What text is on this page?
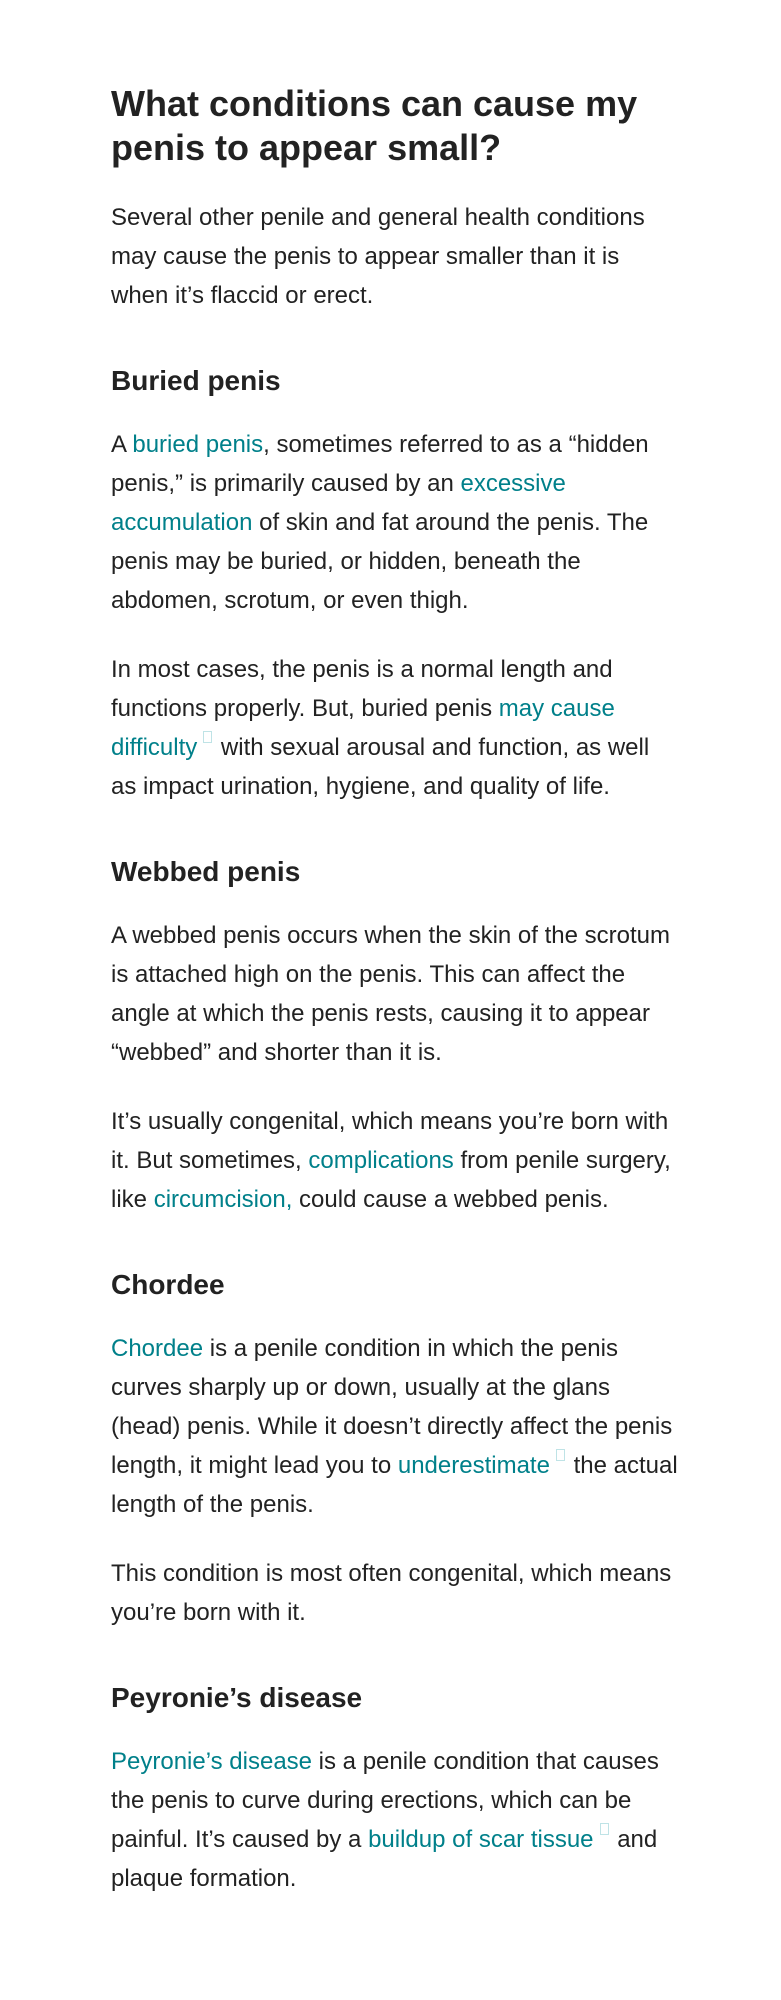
What conditions can cause my penis to appear small?

Several other penile and general health conditions may cause the penis to appear smaller than it is when it’s flaccid or erect.

Buried penis

A buried penis, sometimes referred to as a “hidden penis,” is primarily caused by an excessive accumulation of skin and fat around the penis. The penis may be buried, or hidden, beneath the abdomen, scrotum, or even thigh.

In most cases, the penis is a normal length and functions properly. But, buried penis may cause difficulty with sexual arousal and function, as well as impact urination, hygiene, and quality of life.

Webbed penis

A webbed penis occurs when the skin of the scrotum is attached high on the penis. This can affect the angle at which the penis rests, causing it to appear “webbed” and shorter than it is.

It’s usually congenital, which means you’re born with it. But sometimes, complications from penile surgery, like circumcision, could cause a webbed penis.

Chordee

Chordee is a penile condition in which the penis curves sharply up or down, usually at the glans (head) penis. While it doesn’t directly affect the penis length, it might lead you to underestimate the actual length of the penis.

This condition is most often congenital, which means you’re born with it.

Peyronie’s disease

Peyronie’s disease is a penile condition that causes the penis to curve during erections, which can be painful. It’s caused by a buildup of scar tissue and plaque formation.
